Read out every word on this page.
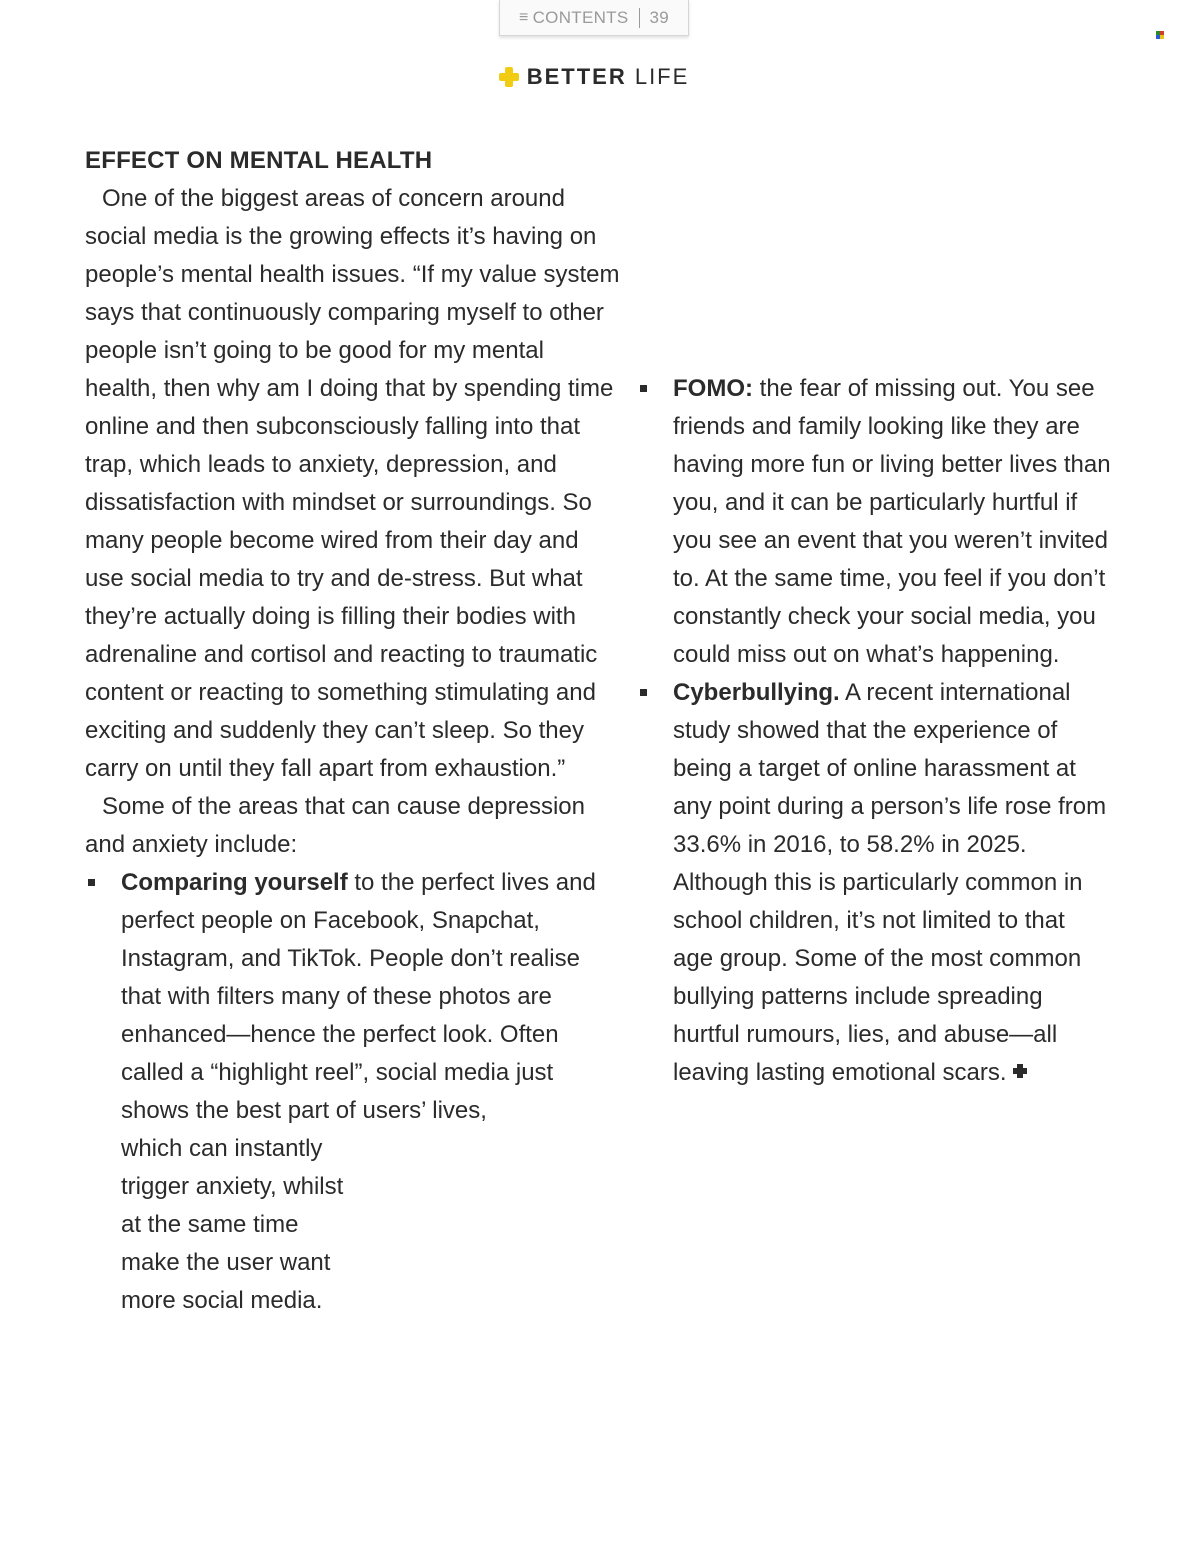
≡ CONTENTS 39
BETTER LIFE
EFFECT ON MENTAL HEALTH

One of the biggest areas of concern around social media is the growing effects it’s having on people’s mental health issues. “If my value system says that continuously comparing myself to other people isn’t going to be good for my mental health, then why am I doing that by spending time online and then subconsciously falling into that trap, which leads to anxiety, depression, and dissatisfaction with mindset or surroundings. So many people become wired from their day and use social media to try and de-stress. But what they’re actually doing is filling their bodies with adrenaline and cortisol and reacting to traumatic content or reacting to something stimulating and exciting and suddenly they can’t sleep. So they carry on until they fall apart from exhaustion.”

Some of the areas that can cause depression and anxiety include:

Comparing yourself to the perfect lives and perfect people on Facebook, Snapchat, Instagram, and TikTok. People don’t realise that with filters many of these photos are enhanced—hence the perfect look. Often called a “highlight reel”, social media just shows the best part of users’ lives,
which can instantly trigger anxiety, whilst at the same time make the user want more social media.
FOMO: the fear of missing out. You see friends and family looking like they are having more fun or living better lives than you, and it can be particularly hurtful if you see an event that you weren’t invited to. At the same time, you feel if you don’t constantly check your social media, you could miss out on what’s happening.
Cyberbullying. A recent international study showed that the experience of being a target of online harassment at any point during a person’s life rose from 33.6% in 2016, to 58.2% in 2025. Although this is particularly common in school children, it’s not limited to that age group. Some of the most common bullying patterns include spreading hurtful rumours, lies, and abuse—all leaving lasting emotional scars.
